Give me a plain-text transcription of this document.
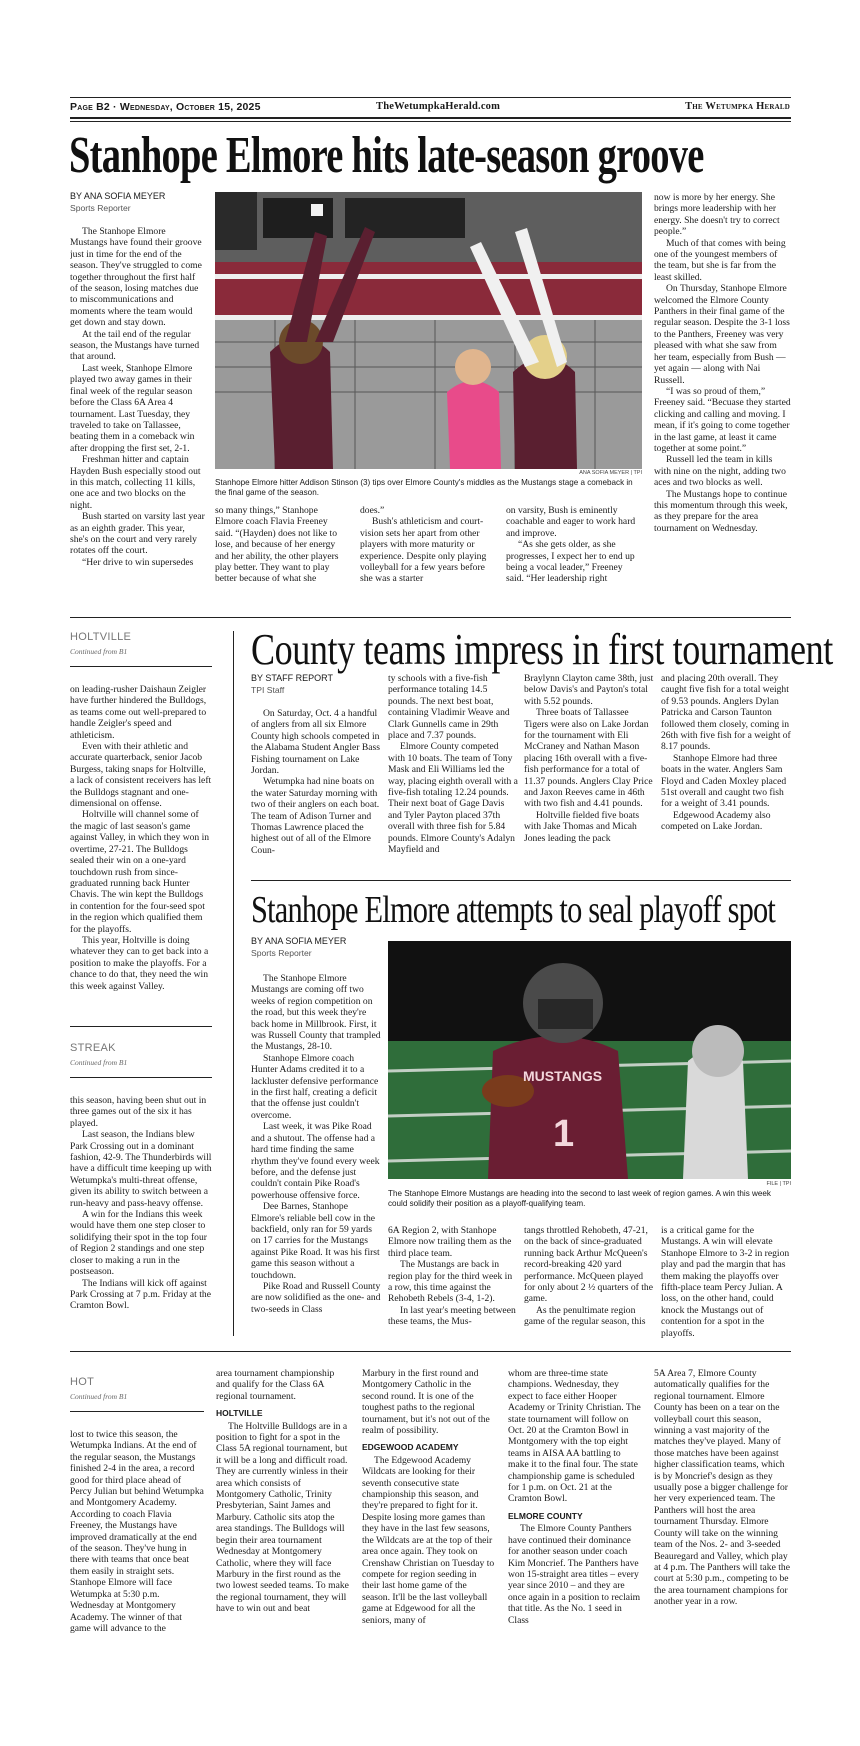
Page B2 · Wednesday, October 15, 2025	TheWetumpkaHerald.com	The Wetumpka Herald
Stanhope Elmore hits late-season groove
BY ANA SOFIA MEYER
Sports Reporter

The Stanhope Elmore Mustangs have found their groove just in time for the end of the season. They've struggled to come together throughout the first half of the season, losing matches due to miscommunications and moments where the team would get down and stay down.

At the tail end of the regular season, the Mustangs have turned that around.

Last week, Stanhope Elmore played two away games in their final week of the regular season before the Class 6A Area 4 tournament. Last Tuesday, they traveled to take on Tallassee, beating them in a comeback win after dropping the first set, 2-1.

Freshman hitter and captain Hayden Bush especially stood out in this match, collecting 11 kills, one ace and two blocks on the night.

Bush started on varsity last year as an eighth grader. This year, she's on the court and very rarely rotates off the court.

“Her drive to win supersedes

ANA SOFIA MEYER | TPI
Stanhope Elmore hitter Addison Stinson (3) tips over Elmore County's middles as the Mustangs stage a comeback in the final game of the season.

so many things,” Stanhope Elmore coach Flavia Freeney said. “(Hayden) does not like to lose, and because of her energy and her ability, the other players play better. They want to play better because of what she

does.”

Bush's athleticism and court-vision sets her apart from other players with more maturity or experience. Despite only playing volleyball for a few years before she was a starter

on varsity, Bush is eminently coachable and eager to work hard and improve.

“As she gets older, as she progresses, I expect her to end up being a vocal leader,” Freeney said. “Her leadership right

now is more by her energy. She brings more leadership with her energy. She doesn't try to correct people.”

Much of that comes with being one of the youngest members of the team, but she is far from the least skilled.

On Thursday, Stanhope Elmore welcomed the Elmore County Panthers in their final game of the regular season. Despite the 3-1 loss to the Panthers, Freeney was very pleased with what she saw from her team, especially from Bush — yet again — along with Nai Russell.

“I was so proud of them,” Freeney said. “Becuase they started clicking and calling and moving. I mean, if it's going to come together in the last game, at least it came together at some point.”

Russell led the team in kills with nine on the night, adding two aces and two blocks as well.

The Mustangs hope to continue this momentum through this week, as they prepare for the area tournament on Wednesday.

HOLTVILLE
Continued from B1

on leading-rusher Daishaun Zeigler have further hindered the Bulldogs, as teams come out well-prepared to handle Zeigler's speed and athleticism.

Even with their athletic and accurate quarterback, senior Jacob Burgess, taking snaps for Holtville, a lack of consistent receivers has left the Bulldogs stagnant and one-dimensional on offense.

Holtville will channel some of the magic of last season's game against Valley, in which they won in overtime, 27-21. The Bulldogs sealed their win on a one-yard touchdown rush from since-graduated running back Hunter Chavis. The win kept the Bulldogs in contention for the four-seed spot in the region which qualified them for the playoffs.

This year, Holtville is doing whatever they can to get back into a position to make the playoffs. For a chance to do that, they need the win this week against Valley.

STREAK
Continued from B1

this season, having been shut out in three games out of the six it has played.

Last season, the Indians blew Park Crossing out in a dominant fashion, 42-9. The Thunderbirds will have a difficult time keeping up with Wetumpka's multi-threat offense, given its ability to switch between a run-heavy and pass-heavy offense.

A win for the Indians this week would have them one step closer to solidifying their spot in the top four of Region 2 standings and one step closer to making a run in the postseason.

The Indians will kick off against Park Crossing at 7 p.m. Friday at the Cramton Bowl.

County teams impress in first tournament
BY STAFF REPORT
TPI Staff

On Saturday, Oct. 4 a handful of anglers from all six Elmore County high schools competed in the Alabama Student Angler Bass Fishing tournament on Lake Jordan.

Wetumpka had nine boats on the water Saturday morning with two of their anglers on each boat. The team of Adison Turner and Thomas Lawrence placed the highest out of all of the Elmore Coun-

ty schools with a five-fish performance totaling 14.5 pounds. The next best boat, containing Vladimir Weave and Clark Gunnells came in 29th place and 7.37 pounds.

Elmore County competed with 10 boats. The team of Tony Mask and Eli Williams led the way, placing eighth overall with a five-fish totaling 12.24 pounds. Their next boat of Gage Davis and Tyler Payton placed 37th overall with three fish for 5.84 pounds. Elmore County's Adalyn Mayfield and

Braylynn Clayton came 38th, just below Davis's and Payton's total with 5.52 pounds.

Three boats of Tallassee Tigers were also on Lake Jordan for the tournament with Eli McCraney and Nathan Mason placing 16th overall with a five-fish performance for a total of 11.37 pounds. Anglers Clay Price and Jaxon Reeves came in 46th with two fish and 4.41 pounds.

Holtville fielded five boats with Jake Thomas and Micah Jones leading the pack

and placing 20th overall. They caught five fish for a total weight of 9.53 pounds. Anglers Dylan Patricka and Carson Taunton followed them closely, coming in 26th with five fish for a weight of 8.17 pounds.

Stanhope Elmore had three boats in the water. Anglers Sam Floyd and Caden Moxley placed 51st overall and caught two fish for a weight of 3.41 pounds.

Edgewood Academy also competed on Lake Jordan.

Stanhope Elmore attempts to seal playoff spot
BY ANA SOFIA MEYER
Sports Reporter
MUSTANGS
1
FILE | TPI
The Stanhope Elmore Mustangs are heading into the second to last week of region games. A win this week could solidify their position as a playoff-qualifying team.

The Stanhope Elmore Mustangs are coming off two weeks of region competition on the road, but this week they're back home in Millbrook. First, it was Russell County that trampled the Mustangs, 28-10.

Stanhope Elmore coach Hunter Adams credited it to a lackluster defensive performance in the first half, creating a deficit that the offense just couldn't overcome.

Last week, it was Pike Road and a shutout. The offense had a hard time finding the same rhythm they've found every week before, and the defense just couldn't contain Pike Road's powerhouse offensive force.

Dee Barnes, Stanhope Elmore's reliable bell cow in the backfield, only ran for 59 yards on 17 carries for the Mustangs against Pike Road. It was his first game this season without a touchdown.

Pike Road and Russell County are now solidified as the one- and two-seeds in Class

6A Region 2, with Stanhope Elmore now trailing them as the third place team.

The Mustangs are back in region play for the third week in a row, this time against the Rehobeth Rebels (3-4, 1-2).

In last year's meeting between these teams, the Mus-

tangs throttled Rehobeth, 47-21, on the back of since-graduated running back Arthur McQueen's record-breaking 420 yard performance. McQueen played for only about 2 ½ quarters of the game.

As the penultimate region game of the regular season, this

is a critical game for the Mustangs. A win will elevate Stanhope Elmore to 3-2 in region play and pad the margin that has them making the playoffs over fifth-place team Percy Julian. A loss, on the other hand, could knock the Mustangs out of contention for a spot in the playoffs.

HOT
Continued from B1

lost to twice this season, the Wetumpka Indians. At the end of the regular season, the Mustangs finished 2-4 in the area, a record good for third place ahead of Percy Julian but behind Wetumpka and Montgomery Academy. According to coach Flavia Freeney, the Mustangs have improved dramatically at the end of the season. They've hung in there with teams that once beat them easily in straight sets. Stanhope Elmore will face Wetumpka at 5:30 p.m. Wednesday at Montgomery Academy. The winner of that game will advance to the

area tournament championship and qualify for the Class 6A regional tournament.

HOLTVILLE

The Holtville Bulldogs are in a position to fight for a spot in the Class 5A regional tournament, but it will be a long and difficult road. They are currently winless in their area which consists of Montgomery Catholic, Trinity Presbyterian, Saint James and Marbury. Catholic sits atop the area standings. The Bulldogs will begin their area tournament Wednesday at Montgomery Catholic, where they will face Marbury in the first round as the two lowest seeded teams. To make the regional tournament, they will have to win out and beat

Marbury in the first round and Montgomery Catholic in the second round. It is one of the toughest paths to the regional tournament, but it's not out of the realm of possibility.

EDGEWOOD ACADEMY

The Edgewood Academy Wildcats are looking for their seventh consecutive state championship this season, and they're prepared to fight for it. Despite losing more games than they have in the last few seasons, the Wildcats are at the top of their area once again. They took on Crenshaw Christian on Tuesday to compete for region seeding in their last home game of the season. It'll be the last volleyball game at Edgewood for all the seniors, many of

whom are three-time state champions. Wednesday, they expect to face either Hooper Academy or Trinity Christian. The state tournament will follow on Oct. 20 at the Cramton Bowl in Montgomery with the top eight teams in AISA AA battling to make it to the final four. The state championship game is scheduled for 1 p.m. on Oct. 21 at the Cramton Bowl.

ELMORE COUNTY

The Elmore County Panthers have continued their dominance for another season under coach Kim Moncrief. The Panthers have won 15-straight area titles – every year since 2010 – and they are once again in a position to reclaim that title. As the No. 1 seed in Class

5A Area 7, Elmore County automatically qualifies for the regional tournament. Elmore County has been on a tear on the volleyball court this season, winning a vast majority of the matches they've played. Many of those matches have been against higher classification teams, which is by Moncrief's design as they usually pose a bigger challenge for her very experienced team. The Panthers will host the area tournament Thursday. Elmore County will take on the winning team of the Nos. 2- and 3-seeded Beauregard and Valley, which play at 4 p.m. The Panthers will take the court at 5:30 p.m., competing to be the area tournament champions for another year in a row.
